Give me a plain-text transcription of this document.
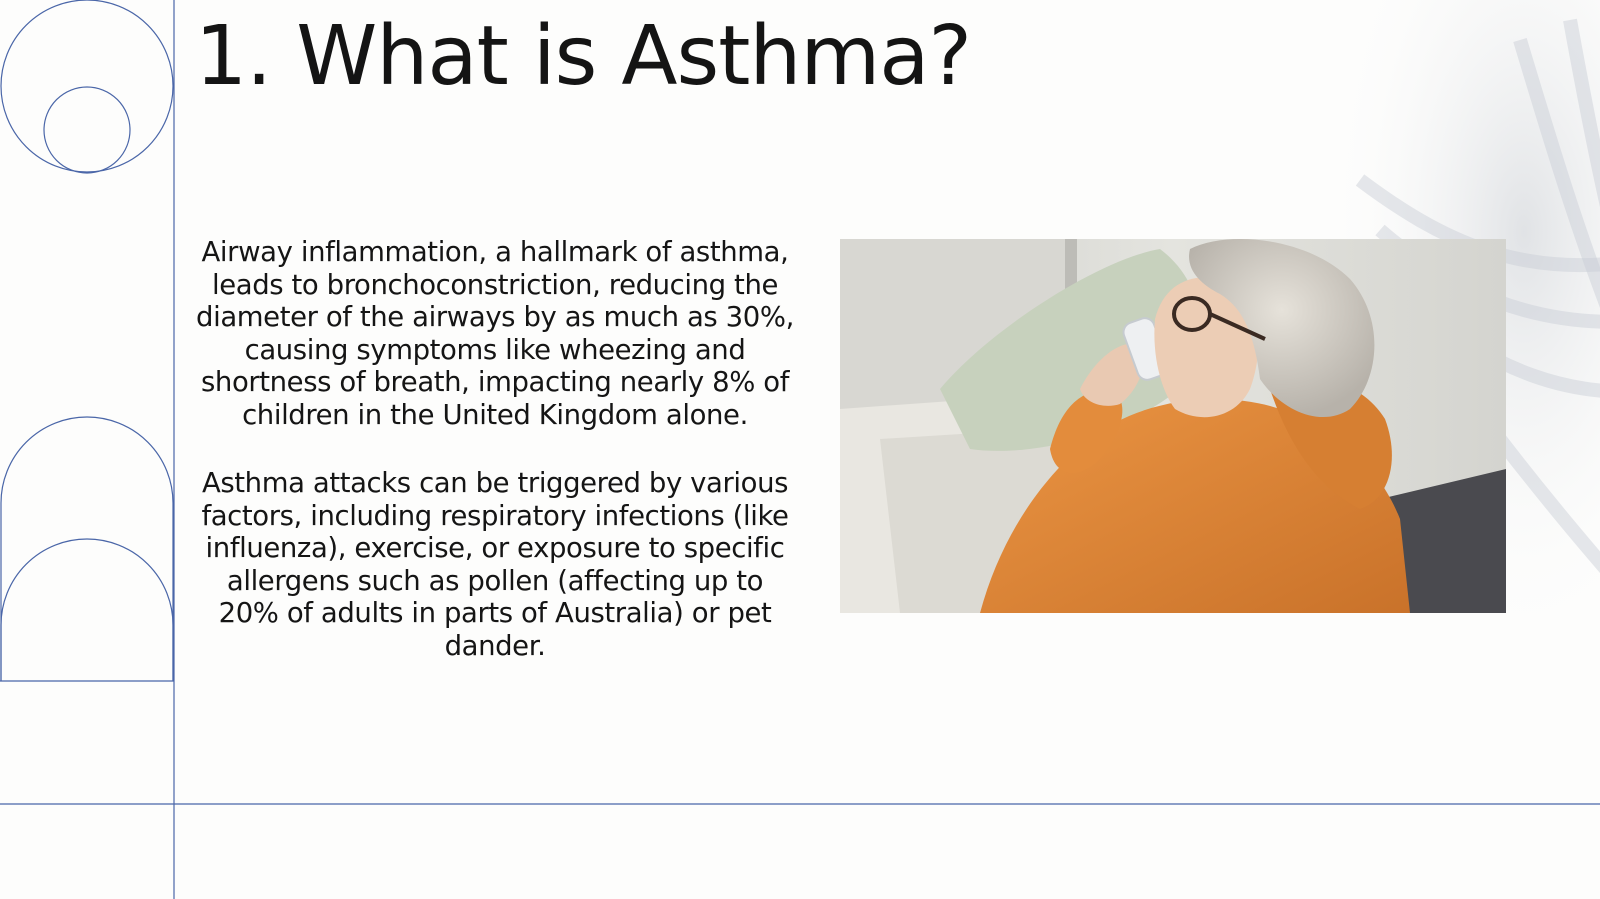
1. What is Asthma?

Airway inflammation, a hallmark of asthma, leads to bronchoconstriction, reducing the diameter of the airways by as much as 30%, causing symptoms like wheezing and shortness of breath, impacting nearly 8% of children in the United Kingdom alone.

Asthma attacks can be triggered by various factors, including respiratory infections (like influenza), exercise, or exposure to specific allergens such as pollen (affecting up to 20% of adults in parts of Australia) or pet dander.
